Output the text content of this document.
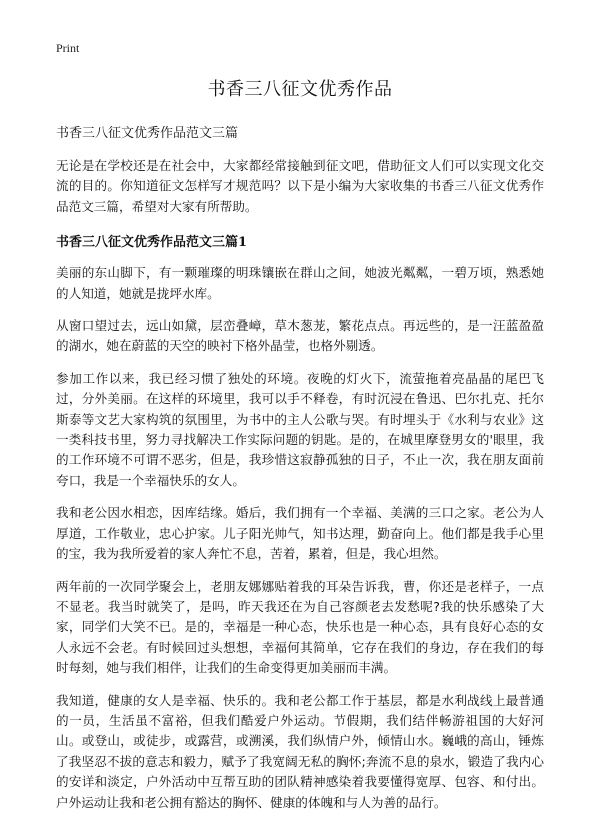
Print
书香三八征文优秀作品
书香三八征文优秀作品范文三篇
无论是在学校还是在社会中，大家都经常接触到征文吧，借助征文人们可以实现文化交流的目的。你知道征文怎样写才规范吗？以下是小编为大家收集的书香三八征文优秀作品范文三篇，希望对大家有所帮助。
书香三八征文优秀作品范文三篇1
美丽的东山脚下，有一颗璀璨的明珠镶嵌在群山之间，她波光粼粼，一碧万顷，熟悉她的人知道，她就是拢坪水库。
从窗口望过去，远山如黛，层峦叠嶂，草木葱茏，繁花点点。再远些的，是一汪蓝盈盈的湖水，她在蔚蓝的天空的映衬下格外晶莹，也格外剔透。
参加工作以来，我已经习惯了独处的环境。夜晚的灯火下，流萤拖着亮晶晶的尾巴飞过，分外美丽。在这样的环境里，我可以手不释卷，有时沉浸在鲁迅、巴尔扎克、托尔斯泰等文艺大家构筑的氛围里，为书中的主人公歌与哭。有时埋头于《水利与农业》这一类科技书里，努力寻找解决工作实际问题的钥匙。是的，在城里摩登男女的'眼里，我的工作环境不可谓不恶劣，但是，我珍惜这寂静孤独的日子，不止一次，我在朋友面前夸口，我是一个幸福快乐的女人。
我和老公因水相恋，因库结缘。婚后，我们拥有一个幸福、美满的三口之家。老公为人厚道，工作敬业，忠心护家。儿子阳光帅气，知书达理，勤奋向上。他们都是我手心里的宝，我为我所爱着的家人奔忙不息，苦着，累着，但是，我心坦然。
两年前的一次同学聚会上，老朋友娜娜贴着我的耳朵告诉我，曹，你还是老样子，一点不显老。我当时就笑了，是吗，昨天我还在为自己容颜老去发愁呢?我的快乐感染了大家，同学们大笑不已。是的，幸福是一种心态，快乐也是一种心态，具有良好心态的女人永远不会老。有时候回过头想想，幸福何其简单，它存在我们的身边，存在我们的每时每刻，她与我们相伴，让我们的生命变得更加美丽而丰满。
我知道，健康的女人是幸福、快乐的。我和老公都工作于基层，都是水利战线上最普通的一员，生活虽不富裕，但我们酷爱户外运动。节假期，我们结伴畅游祖国的大好河山。或登山，或徒步，或露营，或溯溪，我们纵情户外，倾情山水。巍峨的高山，锤炼了我坚忍不拔的意志和毅力，赋予了我宽阔无私的胸怀;奔流不息的泉水，锻造了我内心的安详和淡定，户外活动中互帮互助的团队精神感染着我要懂得宽厚、包容、和付出。户外运动让我和老公拥有豁达的胸怀、健康的体魄和与人为善的品行。
